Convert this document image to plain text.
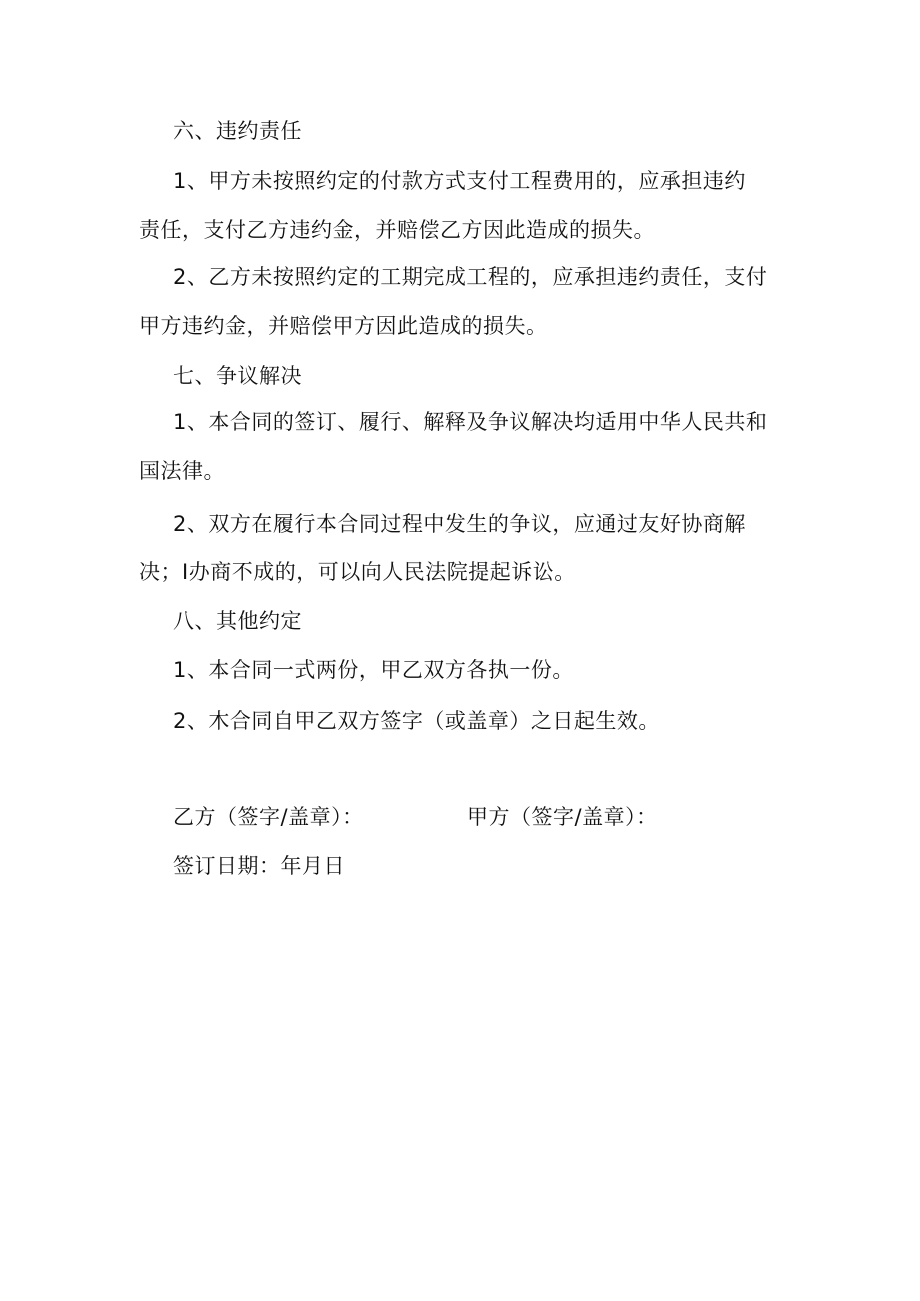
六、违约责任
1、甲方未按照约定的付款方式支付工程费用的，应承担违约
责任，支付乙方违约金，并赔偿乙方因此造成的损失。
2、乙方未按照约定的工期完成工程的，应承担违约责任，支付
甲方违约金，并赔偿甲方因此造成的损失。
七、争议解决
1、本合同的签订、履行、解释及争议解决均适用中华人民共和
国法律。
2、双方在履行本合同过程中发生的争议，应通过友好协商解
决；I办商不成的，可以向人民法院提起诉讼。
八、其他约定
1、本合同一式两份，甲乙双方各执一份。
2、木合同自甲乙双方签字（或盖章）之日起生效。
乙方（签字/盖章）：	甲方（签字/盖章）：
签订日期：年月日
